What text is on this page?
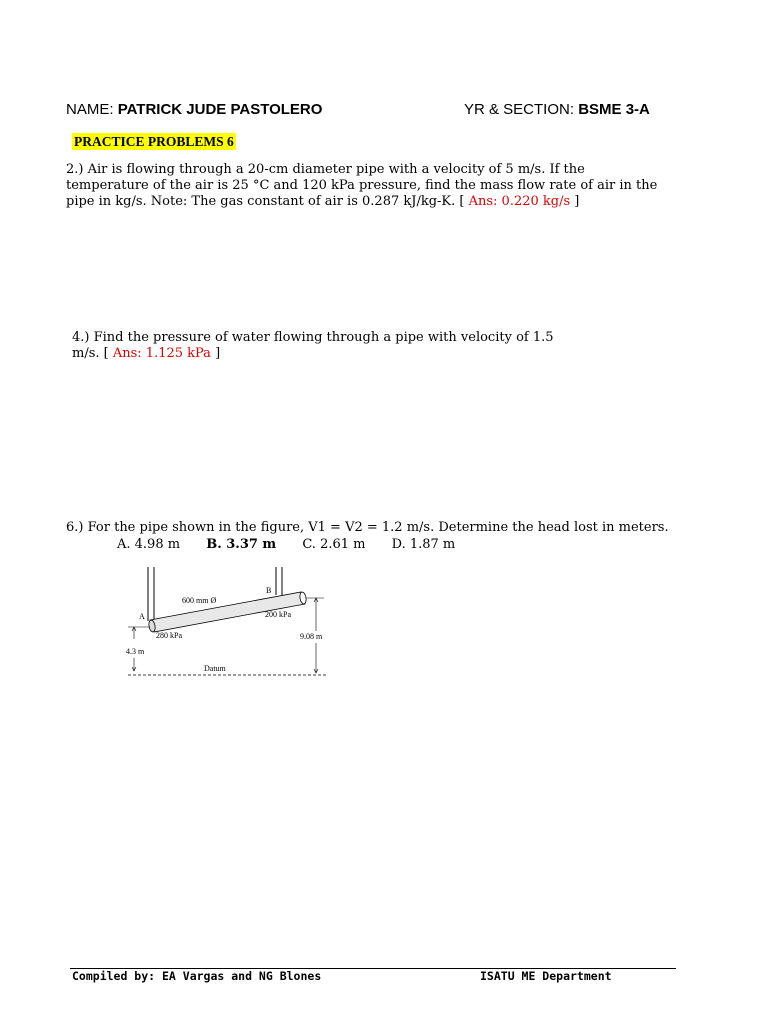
NAME: PATRICK JUDE PASTOLERO	YR & SECTION: BSME 3-A
PRACTICE PROBLEMS 6
2.) Air is flowing through a 20-cm diameter pipe with a velocity of 5 m/s. If the
temperature of the air is 25 °C and 120 kPa pressure, find the mass flow rate of air in the
pipe in kg/s. Note: The gas constant of air is 0.287 kJ/kg-K. [ Ans: 0.220 kg/s ]
4.) Find the pressure of water flowing through a pipe with velocity of 1.5
m/s. [ Ans: 1.125 kPa ]
6.) For the pipe shown in the figure, V1 = V2 = 1.2 m/s. Determine the head lost in meters.
A. 4.98 m B. 3.37 m C. 2.61 m D. 1.87 m
A
B
600 mm Ø
200 kPa
280 kPa	9.08 m
4.3 m
Datum
Compiled by: EA Vargas and NG Blones	ISATU ME Department
